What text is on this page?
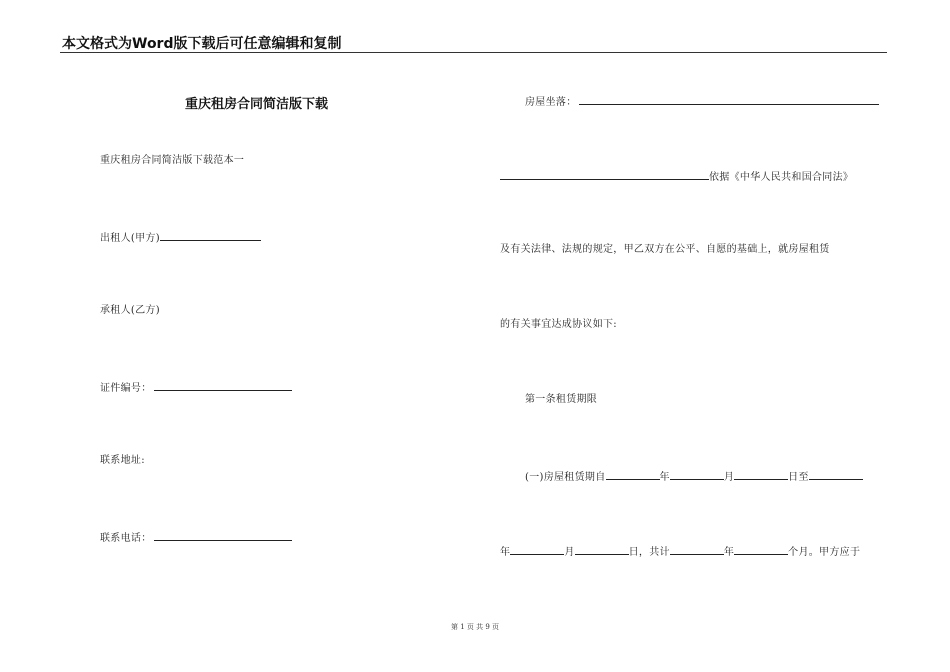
本文格式为Word版下载后可任意编辑和复制
重庆租房合同简洁版下载
重庆租房合同简洁版下载范本一
出租人(甲方)
承租人(乙方)
证件编号：
联系地址:
联系电话：
房屋坐落：
依据《中华人民共和国合同法》
及有关法律、法规的规定，甲乙双方在公平、自愿的基础上，就房屋租赁
的有关事宜达成协议如下:
第一条租赁期限
(一)房屋租赁期自	年	月	日至
年	月	日，共计	年	个月。甲方应于
第 1 页 共 9 页
